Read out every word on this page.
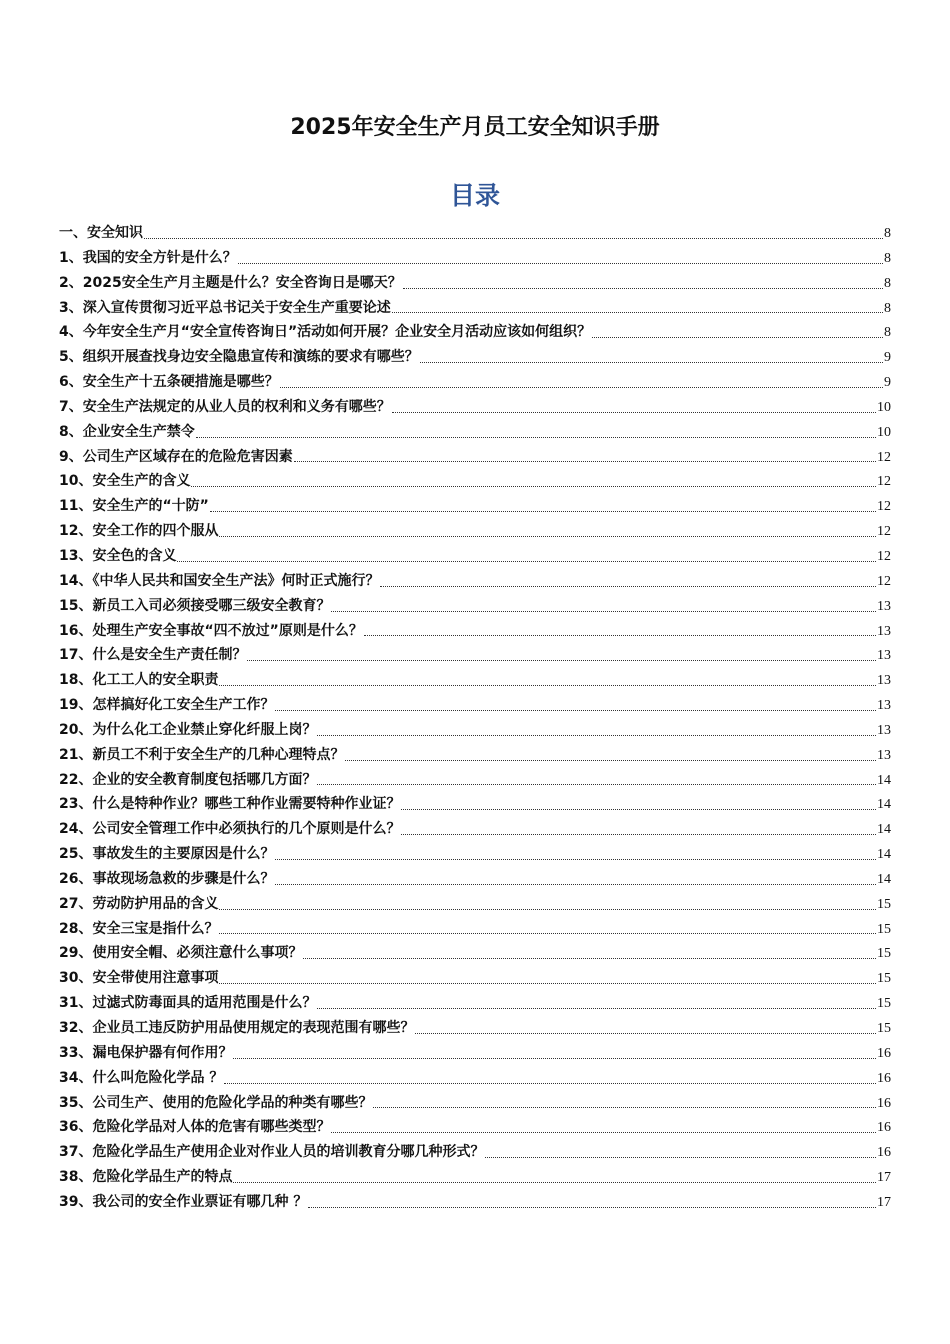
2025年安全生产月员工安全知识手册
目录
一、安全知识	8
1、我国的安全方针是什么？	8
2、2025安全生产月主题是什么？安全咨询日是哪天？	8
3、深入宣传贯彻习近平总书记关于安全生产重要论述	8
4、今年安全生产月“安全宣传咨询日”活动如何开展？企业安全月活动应该如何组织？	8
5、组织开展查找身边安全隐患宣传和演练的要求有哪些？	9
6、安全生产十五条硬措施是哪些？	9
7、安全生产法规定的从业人员的权利和义务有哪些？	10
8、企业安全生产禁令	10
9、公司生产区域存在的危险危害因素	12
10、安全生产的含义	12
11、安全生产的“十防”	12
12、安全工作的四个服从	12
13、安全色的含义	12
14、《中华人民共和国安全生产法》何时正式施行？	12
15、新员工入司必须接受哪三级安全教育？	13
16、处理生产安全事故“四不放过”原则是什么？	13
17、什么是安全生产责任制？	13
18、化工工人的安全职责	13
19、怎样搞好化工安全生产工作？	13
20、为什么化工企业禁止穿化纤服上岗？	13
21、新员工不利于安全生产的几种心理特点？	13
22、企业的安全教育制度包括哪几方面？	14
23、什么是特种作业？哪些工种作业需要特种作业证？	14
24、公司安全管理工作中必须执行的几个原则是什么？	14
25、事故发生的主要原因是什么？	14
26、事故现场急救的步骤是什么？	14
27、劳动防护用品的含义	15
28、安全三宝是指什么？	15
29、使用安全帽、必须注意什么事项？	15
30、安全带使用注意事项	15
31、过滤式防毒面具的适用范围是什么？	15
32、企业员工违反防护用品使用规定的表现范围有哪些？	15
33、漏电保护器有何作用？	16
34、什么叫危险化学品 ？	16
35、公司生产、使用的危险化学品的种类有哪些？	16
36、危险化学品对人体的危害有哪些类型？	16
37、危险化学品生产使用企业对作业人员的培训教育分哪几种形式？	16
38、危险化学品生产的特点	17
39、我公司的安全作业票证有哪几种 ？	17
